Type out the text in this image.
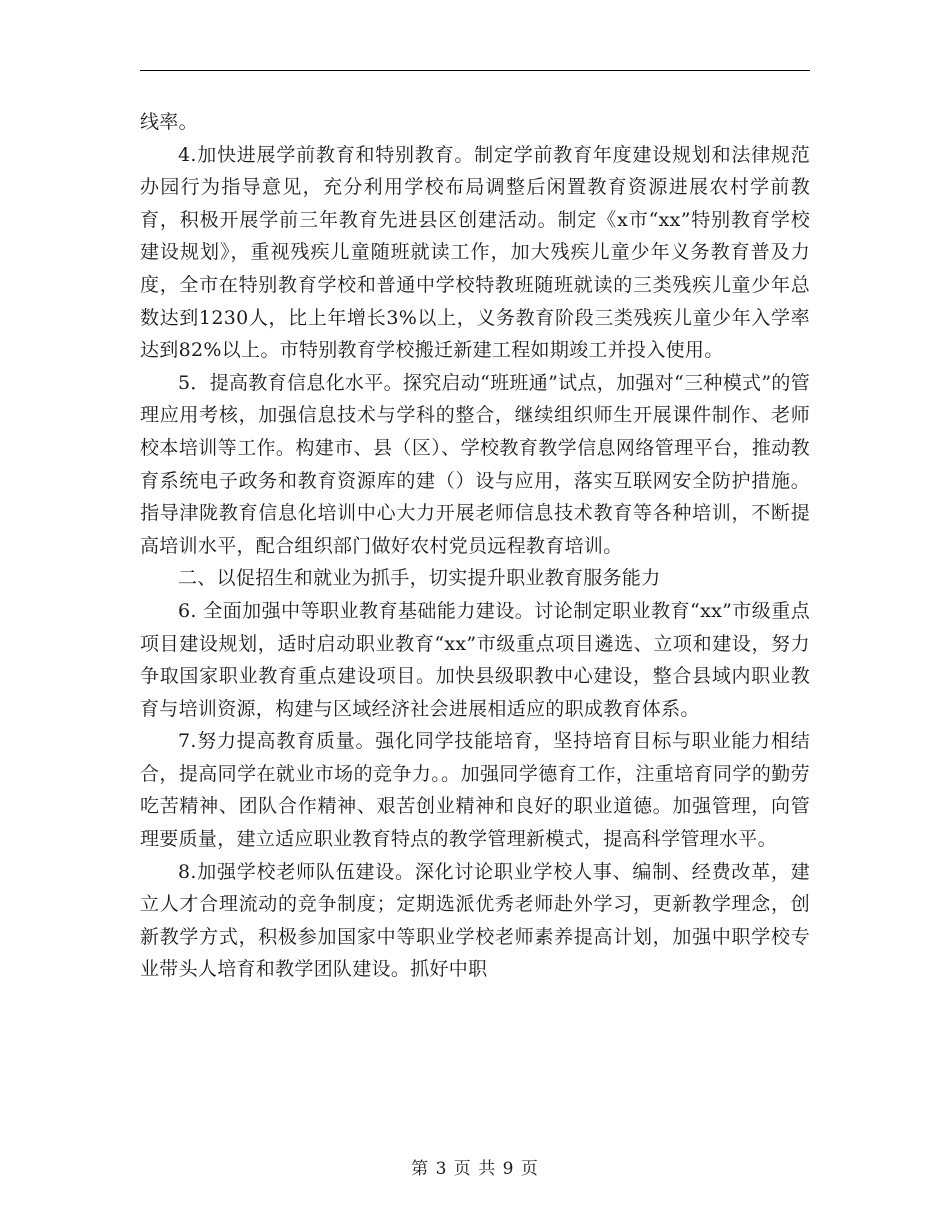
线率。

4.加快进展学前教育和特别教育。制定学前教育年度建设规划和法律规范办园行为指导意见，充分利用学校布局调整后闲置教育资源进展农村学前教育，积极开展学前三年教育先进县区创建活动。制定《x市“xx”特别教育学校建设规划》，重视残疾儿童随班就读工作，加大残疾儿童少年义务教育普及力度，全市在特别教育学校和普通中学校特教班随班就读的三类残疾儿童少年总数达到1230人，比上年增长3%以上，义务教育阶段三类残疾儿童少年入学率达到82%以上。市特别教育学校搬迁新建工程如期竣工并投入使用。

5．提高教育信息化水平。探究启动“班班通”试点，加强对“三种模式”的管理应用考核，加强信息技术与学科的整合，继续组织师生开展课件制作、老师校本培训等工作。构建市、县（区）、学校教育教学信息网络管理平台，推动教育系统电子政务和教育资源库的建（）设与应用，落实互联网安全防护措施。指导津陇教育信息化培训中心大力开展老师信息技术教育等各种培训，不断提高培训水平，配合组织部门做好农村党员远程教育培训。

二、以促招生和就业为抓手，切实提升职业教育服务能力

6. 全面加强中等职业教育基础能力建设。讨论制定职业教育“xx”市级重点项目建设规划，适时启动职业教育“xx”市级重点项目遴选、立项和建设，努力争取国家职业教育重点建设项目。加快县级职教中心建设，整合县域内职业教育与培训资源，构建与区域经济社会进展相适应的职成教育体系。

7.努力提高教育质量。强化同学技能培育，坚持培育目标与职业能力相结合，提高同学在就业市场的竞争力。。加强同学德育工作，注重培育同学的勤劳吃苦精神、团队合作精神、艰苦创业精神和良好的职业道德。加强管理，向管理要质量，建立适应职业教育特点的教学管理新模式，提高科学管理水平。

8.加强学校老师队伍建设。深化讨论职业学校人事、编制、经费改革，建立人才合理流动的竞争制度；定期选派优秀老师赴外学习，更新教学理念，创新教学方式，积极参加国家中等职业学校老师素养提高计划，加强中职学校专业带头人培育和教学团队建设。抓好中职

第 3 页 共 9 页
